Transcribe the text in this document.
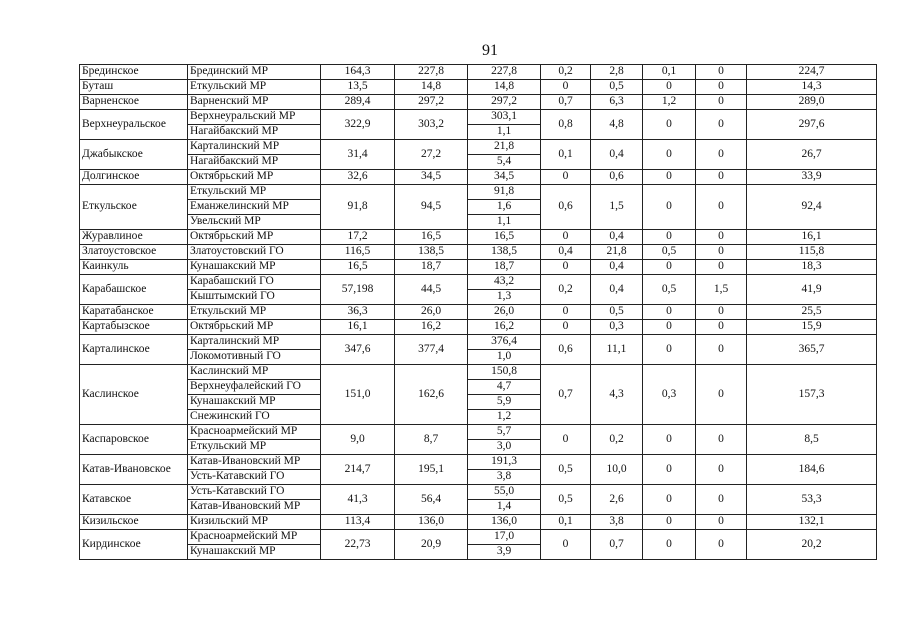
91
Брединское	Брединский МР	164,3	227,8	227,8	0,2	2,8	0,1	0	224,7
Буташ	Еткульский МР	13,5	14,8	14,8	0	0,5	0	0	14,3
Варненское	Варненский МР	289,4	297,2	297,2	0,7	6,3	1,2	0	289,0
Верхнеуральское	Верхнеуральский МР	322,9	303,2	303,1	0,8	4,8	0	0	297,6
	Нагайбакский МР			1,1					
Джабыкское	Карталинский МР	31,4	27,2	21,8	0,1	0,4	0	0	26,7
	Нагайбакский МР			5,4					
Долгинское	Октябрьский МР	32,6	34,5	34,5	0	0,6	0	0	33,9
Еткульское	Еткульский МР	91,8	94,5	91,8	0,6	1,5	0	0	92,4
	Еманжелинский МР			1,6					
	Увельский МР			1,1					
Журавлиное	Октябрьский МР	17,2	16,5	16,5	0	0,4	0	0	16,1
Златоустовское	Златоустовский ГО	116,5	138,5	138,5	0,4	21,8	0,5	0	115,8
Каинкуль	Кунашакский МР	16,5	18,7	18,7	0	0,4	0	0	18,3
Карабашское	Карабашский ГО	57,198	44,5	43,2	0,2	0,4	0,5	1,5	41,9
	Кыштымский ГО			1,3					
Каратабанское	Еткульский МР	36,3	26,0	26,0	0	0,5	0	0	25,5
Картабызское	Октябрьский МР	16,1	16,2	16,2	0	0,3	0	0	15,9
Карталинское	Карталинский МР	347,6	377,4	376,4	0,6	11,1	0	0	365,7
	Локомотивный ГО			1,0					
Каслинское	Каслинский МР	151,0	162,6	150,8	0,7	4,3	0,3	0	157,3
	Верхнеуфалейский ГО			4,7					
	Кунашакский МР			5,9					
	Снежинский ГО			1,2					
Каспаровское	Красноармейский МР	9,0	8,7	5,7	0	0,2	0	0	8,5
	Еткульский МР			3,0					
Катав-Ивановское	Катав-Ивановский МР	214,7	195,1	191,3	0,5	10,0	0	0	184,6
	Усть-Катавский ГО			3,8					
Катавское	Усть-Катавский ГО	41,3	56,4	55,0	0,5	2,6	0	0	53,3
	Катав-Ивановский МР			1,4					
Кизильское	Кизильский МР	113,4	136,0	136,0	0,1	3,8	0	0	132,1
Кирдинское	Красноармейский МР	22,73	20,9	17,0	0	0,7	0	0	20,2
	Кунашакский МР			3,9					
